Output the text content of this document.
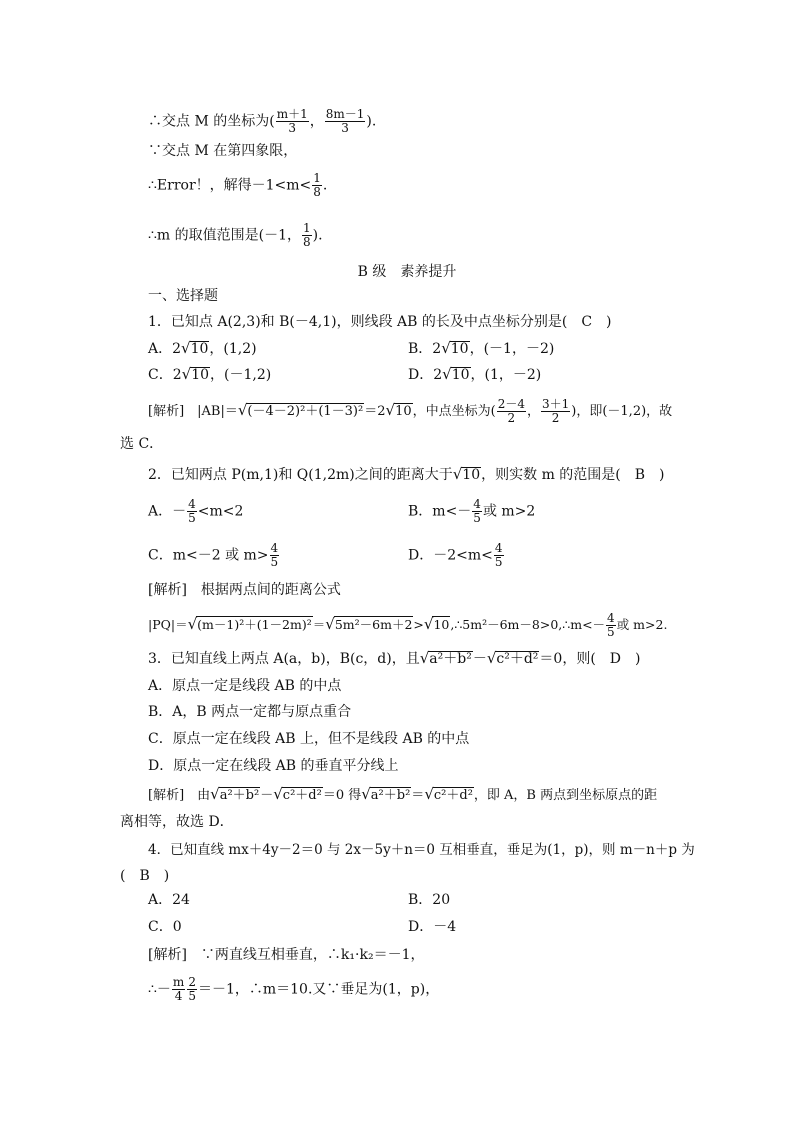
∴交点 M 的坐标为( $\frac{m+1}{3}$ ， $\frac{8m-1}{3}$ ).
∵交点 M 在第四象限，
∴Error！，解得$-1<m< \frac{1}{8}$ .
∴m 的取值范围是(－1， $\frac{1}{8}$ ).
B 级　素养提升
一、选择题
1．已知点 A(2,3)和 B(－4,1)，则线段 AB 的长及中点坐标分别是(　C　)
A．2√10，(1,2)	B．2√10，(－1，－2)
C．2√10，(－1,2)	D．2√10，(1，－2)
[解析]　|AB|＝√(－4－2)²＋(1－3)²＝2√10，中点坐标为( $\frac{2-4}{2}$ ， $\frac{3+1}{2}$ )，即(－1,2)，故
选 C．
2．已知两点 P(m,1)和 Q(1,2m)之间的距离大于√10，则实数 m 的范围是(　B　)
A．－ $\frac{4}{5} <m<2$	B．$m<- \frac{4}{5}$ 或 m>2
C．m<－2 或 $m> \frac{4}{5}$	D．$-2<m< \frac{4}{5}$
[解析]　根据两点间的距离公式
|PQ|＝√(m－1)²＋(1－2m)²＝√5m²－6m＋2>√10,∴5m²－6m－8>0,∴m<－ $\frac{4}{5}$ 或 m>2.
3．已知直线上两点 A(a，b)，B(c，d)，且√a²＋b²－√c²＋d²＝0，则(　D　)
A．原点一定是线段 AB 的中点
B．A，B 两点一定都与原点重合
C．原点一定在线段 AB 上，但不是线段 AB 的中点
D．原点一定在线段 AB 的垂直平分线上
[解析]　由√a²＋b²－√c²＋d²＝0 得√a²＋b²＝√c²＋d²，即 A，B 两点到坐标原点的距
离相等，故选 D．
4．已知直线 mx＋4y－2＝0 与 2x－5y＋n＝0 互相垂直，垂足为(1，p)，则 m－n＋p 为
(　B　)
A．24	B．20
C．0	D．－4
[解析]　∵两直线互相垂直，∴k₁·k₂＝－1，
∴－ $\frac{m}{4} \frac{2}{5} =-1$，∴m＝10.又∵垂足为(1，p)，
